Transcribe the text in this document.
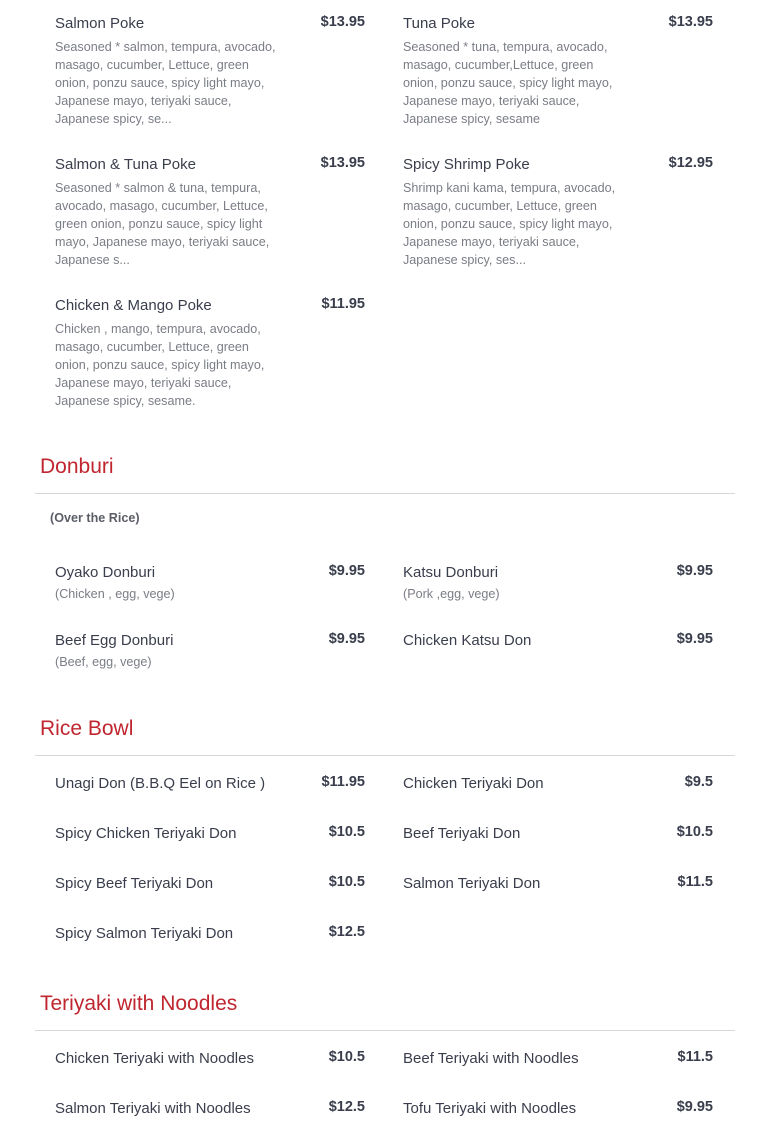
Salmon Poke	$13.95
Seasoned * salmon, tempura, avocado, masago, cucumber, Lettuce, green onion, ponzu sauce, spicy light mayo, Japanese mayo, teriyaki sauce, Japanese spicy, se...
Tuna Poke	$13.95
Seasoned * tuna, tempura, avocado, masago, cucumber,Lettuce, green onion, ponzu sauce, spicy light mayo, Japanese mayo, teriyaki sauce, Japanese spicy, sesame
Salmon & Tuna Poke	$13.95
Seasoned * salmon & tuna, tempura, avocado, masago, cucumber, Lettuce, green onion, ponzu sauce, spicy light mayo, Japanese mayo, teriyaki sauce, Japanese s...
Spicy Shrimp Poke	$12.95
Shrimp kani kama, tempura, avocado, masago, cucumber, Lettuce, green onion, ponzu sauce, spicy light mayo, Japanese mayo, teriyaki sauce, Japanese spicy, ses...
Chicken & Mango Poke	$11.95
Chicken , mango, tempura, avocado, masago, cucumber, Lettuce, green onion, ponzu sauce, spicy light mayo, Japanese mayo, teriyaki sauce, Japanese spicy, sesame.
Donburi
(Over the Rice)
Oyako Donburi	$9.95
(Chicken , egg, vege)
Katsu Donburi	$9.95
(Pork ,egg, vege)
Beef Egg Donburi	$9.95
(Beef, egg, vege)
Chicken Katsu Don	$9.95
Rice Bowl
Unagi Don (B.B.Q Eel on Rice )	$11.95	Chicken Teriyaki Don	$9.5
Spicy Chicken Teriyaki Don	$10.5	Beef Teriyaki Don	$10.5
Spicy Beef Teriyaki Don	$10.5	Salmon Teriyaki Don	$11.5
Spicy Salmon Teriyaki Don	$12.5
Teriyaki with Noodles
Chicken Teriyaki with Noodles	$10.5	Beef Teriyaki with Noodles	$11.5
Salmon Teriyaki with Noodles	$12.5	Tofu Teriyaki with Noodles	$9.95
